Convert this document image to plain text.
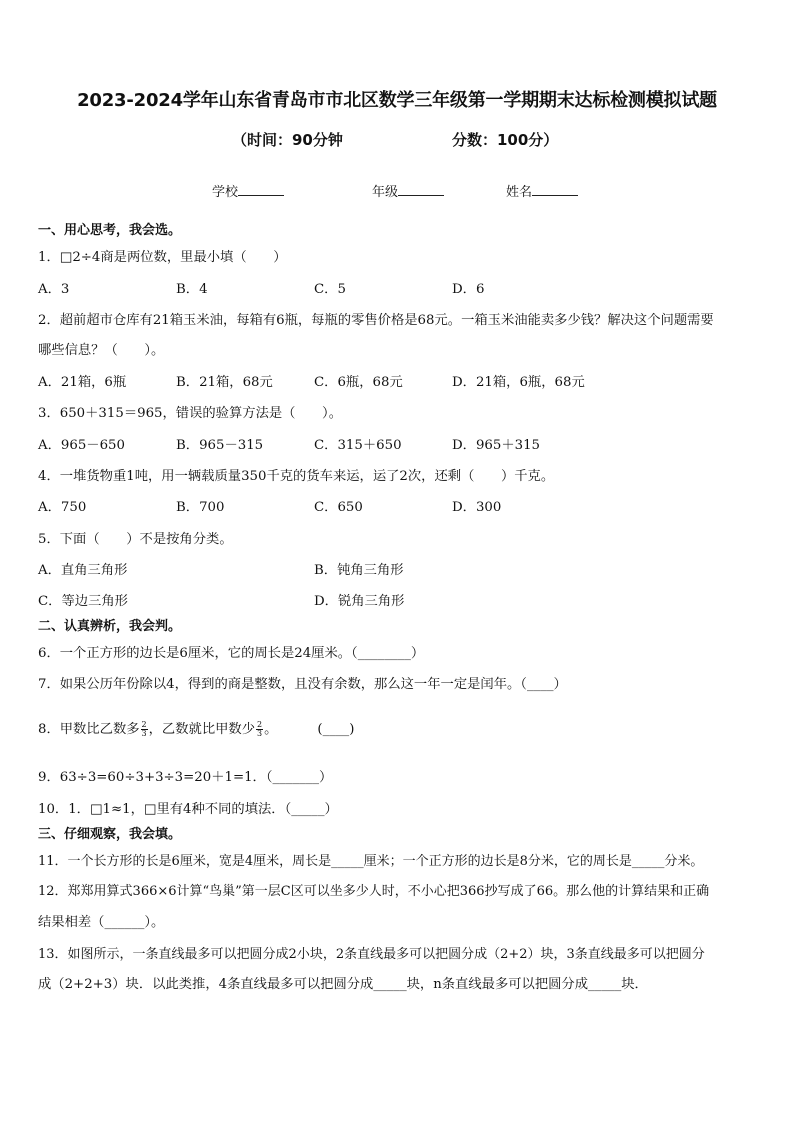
2023-2024学年山东省青岛市市北区数学三年级第一学期期末达标检测模拟试题
（时间：90分钟	分数：100分）
学校	年级	姓名
一、用心思考，我会选。
1．□2÷4商是两位数，里最小填（　　）
A．3	B．4	C．5	D．6
2．超前超市仓库有21箱玉米油，每箱有6瓶，每瓶的零售价格是68元。一箱玉米油能卖多少钱？解决这个问题需要
哪些信息？（　　）。
A．21箱，6瓶	B．21箱，68元	C．6瓶，68元	D．21箱，6瓶，68元
3．650＋315＝965，错误的验算方法是（　　）。
A．965－650	B．965－315	C．315＋650	D．965＋315
4．一堆货物重1吨，用一辆载质量350千克的货车来运，运了2次，还剩（　　）千克。
A．750	B．700	C．650	D．300
5．下面（　　）不是按角分类。
A．直角三角形	B．钝角三角形
C．等边三角形	D．锐角三角形
二、认真辨析，我会判。
6．一个正方形的边长是6厘米，它的周长是24厘米。（________）
7．如果公历年份除以4，得到的商是整数，且没有余数，那么这一年一定是闰年。（____）
8．甲数比乙数多 $\frac{2}{3}$ ，乙数就比甲数少 $\frac{2}{3}$ 。	(____)
9．63÷3=60÷3+3÷3=20＋1=1．（_______）
10．1．□1≈1，□里有4种不同的填法．（_____）
三、仔细观察，我会填。
11．一个长方形的长是6厘米，宽是4厘米，周长是_____厘米；一个正方形的边长是8分米，它的周长是_____分米。
12．郑郑用算式366×6计算“鸟巢”第一层C区可以坐多少人时，不小心把366抄写成了66。那么他的计算结果和正确
结果相差（______）。
13．如图所示，一条直线最多可以把圆分成2小块，2条直线最多可以把圆分成（2+2）块，3条直线最多可以把圆分
成（2+2+3）块．以此类推，4条直线最多可以把圆分成_____块，n条直线最多可以把圆分成_____块．
